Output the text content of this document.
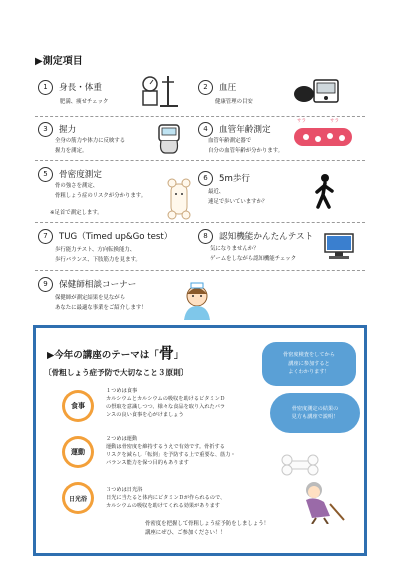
▶測定項目
1 身長・体重
肥満、痩せチェック
2 血圧
健康管理の目安
3 握力
全身の筋力や体力に反映する
握力を測定。
4 血管年齢測定
血管年齢測定器で
自分の血管年齢が分かります。
サラ	サラ
5 骨密度測定
骨の強さを測定、
骨粗しょう症のリスクが分かります。
※足首で測定します。
6 5m歩行
最近、
速足で歩いていますか？
7 TUG（Timed up&Go test）
歩行能力テスト、方向転換能力、
歩行バランス、下肢筋力を見ます。
8 認知機能かんたんテスト
気になりませんか？
ゲームをしながら認知機能チェック
9 保健師相談コーナー
保健師が測定結果を見ながら
あなたに最適な事業をご紹介します！
▶今年の講座のテーマは「骨」
〔骨粗しょう症予防で大切なこと３原則〕
骨密度検査をしてから
講座に参加すると
よくわかります！
骨密度測定の結果の
見方も講座で説明！
食事
１つめは食事
カルシウムとカルシウムの吸収を助けるビタミンＤ
の摂取を意識しつつ、様々な食品を取り入れたバラ
ンスの良い食事を心がけましょう
運動
２つめは運動
運動は骨密度を維持するうえで有効です。骨折する
リスクを減らし「転倒」を予防する上で重要な、筋力・
バランス能力を保つ目的もあります
日光浴
３つめは日光浴
日光に当たると体内にビタミンＤが作られるので、
カルシウムの吸収を助けてくれる効果があります
骨密度を把握して骨粗しょう症予防をしましょう！
講座にぜひ、ご参加ください！！
